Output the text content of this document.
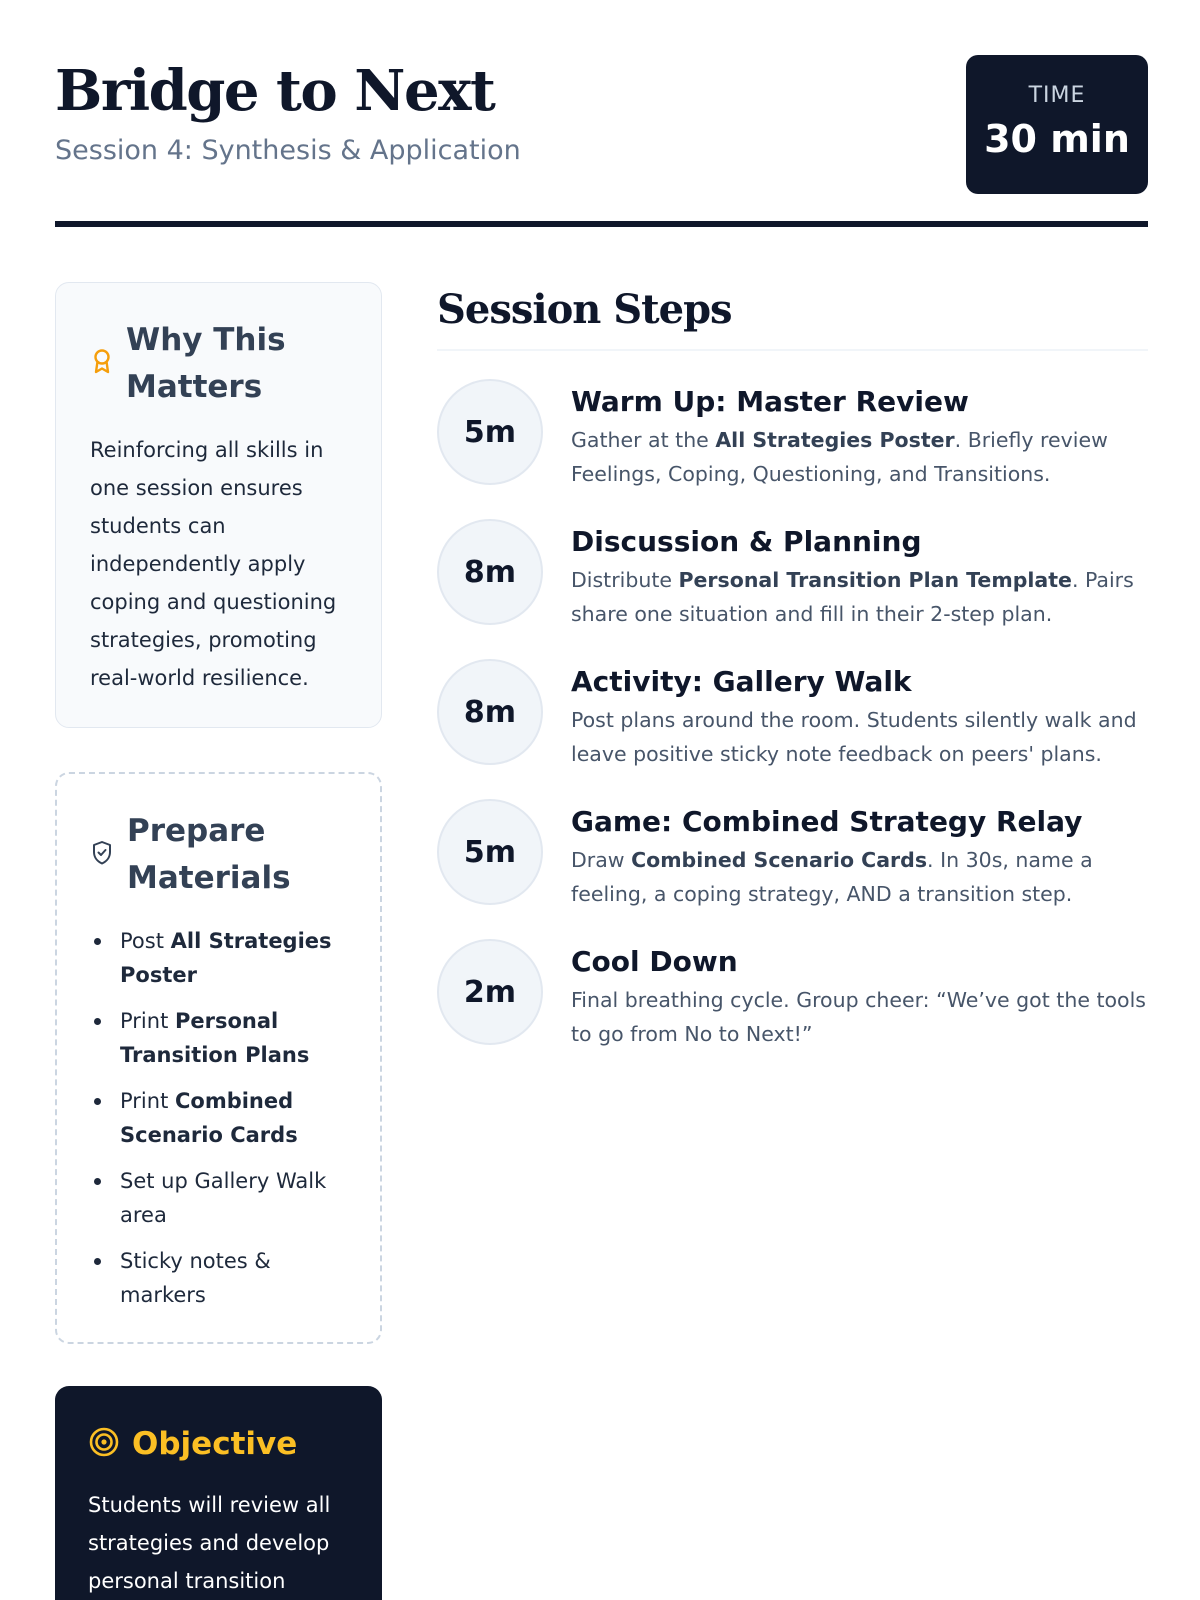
Bridge to Next
Session 4: Synthesis & Application
TIME
30 min
Why This Matters

Reinforcing all skills in one session ensures students can independently apply coping and questioning strategies, promoting real-world resilience.

Prepare Materials
Post All Strategies Poster
Print Personal Transition Plans
Print Combined Scenario Cards
Set up Gallery Walk area
Sticky notes & markers
Objective

Students will review all strategies and develop personal transition

Session Steps
5m
Warm Up: Master Review

Gather at the All Strategies Poster. Briefly review Feelings, Coping, Questioning, and Transitions.

8m
Discussion & Planning

Distribute Personal Transition Plan Template. Pairs share one situation and fill in their 2-step plan.

8m
Activity: Gallery Walk

Post plans around the room. Students silently walk and leave positive sticky note feedback on peers' plans.

5m
Game: Combined Strategy Relay

Draw Combined Scenario Cards. In 30s, name a feeling, a coping strategy, AND a transition step.

2m
Cool Down

Final breathing cycle. Group cheer: “We’ve got the tools to go from No to Next!”
